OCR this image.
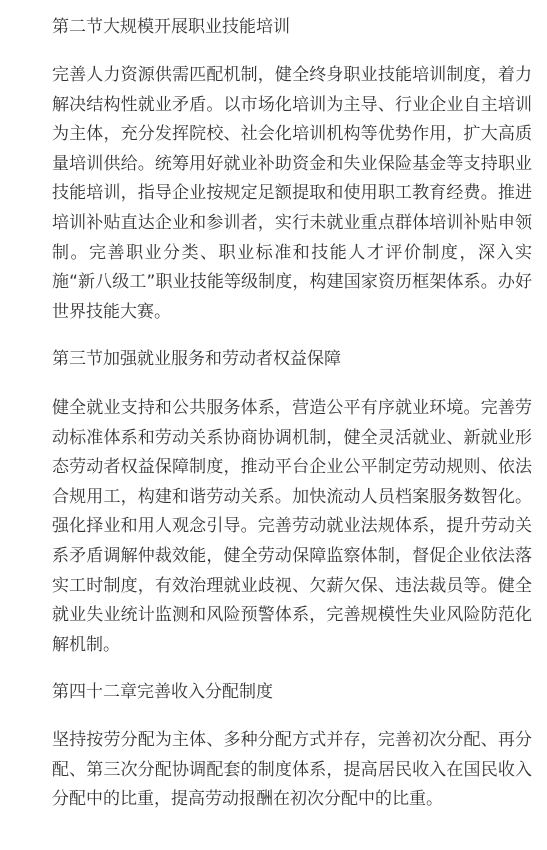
第二节大规模开展职业技能培训

完善人力资源供需匹配机制，健全终身职业技能培训制度，着力解决结构性就业矛盾。以市场化培训为主导、行业企业自主培训为主体，充分发挥院校、社会化培训机构等优势作用，扩大高质量培训供给。统筹用好就业补助资金和失业保险基金等支持职业技能培训，指导企业按规定足额提取和使用职工教育经费。推进培训补贴直达企业和参训者，实行未就业重点群体培训补贴申领制。完善职业分类、职业标准和技能人才评价制度，深入实施“新八级工”职业技能等级制度，构建国家资历框架体系。办好世界技能大赛。

第三节加强就业服务和劳动者权益保障

健全就业支持和公共服务体系，营造公平有序就业环境。完善劳动标准体系和劳动关系协商协调机制，健全灵活就业、新就业形态劳动者权益保障制度，推动平台企业公平制定劳动规则、依法合规用工，构建和谐劳动关系。加快流动人员档案服务数智化。强化择业和用人观念引导。完善劳动就业法规体系，提升劳动关系矛盾调解仲裁效能，健全劳动保障监察体制，督促企业依法落实工时制度，有效治理就业歧视、欠薪欠保、违法裁员等。健全就业失业统计监测和风险预警体系，完善规模性失业风险防范化解机制。

第四十二章完善收入分配制度

坚持按劳分配为主体、多种分配方式并存，完善初次分配、再分配、第三次分配协调配套的制度体系，提高居民收入在国民收入分配中的比重，提高劳动报酬在初次分配中的比重。
